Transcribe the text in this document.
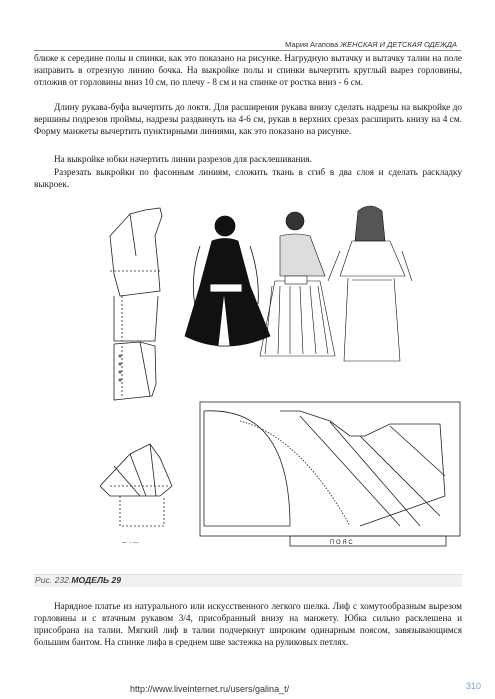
Мария Агапова ЖЕНСКАЯ И ДЕТСКАЯ ОДЕЖДА

ближе к середине полы и спинки, как это показано на рисунке. Нагрудную вытачку и вытачку талии на поле направить в отрезную линию бочка. На выкройке полы и спинки вычертить круглый вырез горловины, отложив от горловины вниз 10 см, по плечу - 8 см и на спинке от ростка вниз - 6 см.

Длину рукава-буфа вычертить до локтя. Для расширения рукава внизу сделать надрезы на выкройке до вершины подрезов проймы, надрезы раздвинуть на 4-6 см, рукав в верхних срезах расширить книзу на 4 см. Форму манжеты вычертить пунктирными линиями, как это показано на рисунке.

На выкройке юбки начертить линии разрезов для расклешивания.

Разрезать выкройки по фасонным линиям, сложить ткань в сгиб в два слоя и сделать раскладку выкроек.

— ·· —	П О Я С
Рис. 232.МОДЕЛЬ 29

Нарядное платье из натурального или искусственного легкого шелка. Лиф с хомутообразным вырезом горловины и с втачным рукавом 3/4, присобранный внизу на манжету. Юбка сильно расклешена и присобрана на талии. Мягкий лиф в талии подчеркнут широким одинарным поясом, завязывающимся большим бантом. На спинке лифа в среднем шве застежка на руликовых петлях.

http://www.liveinternet.ru/users/galina_t/	310
